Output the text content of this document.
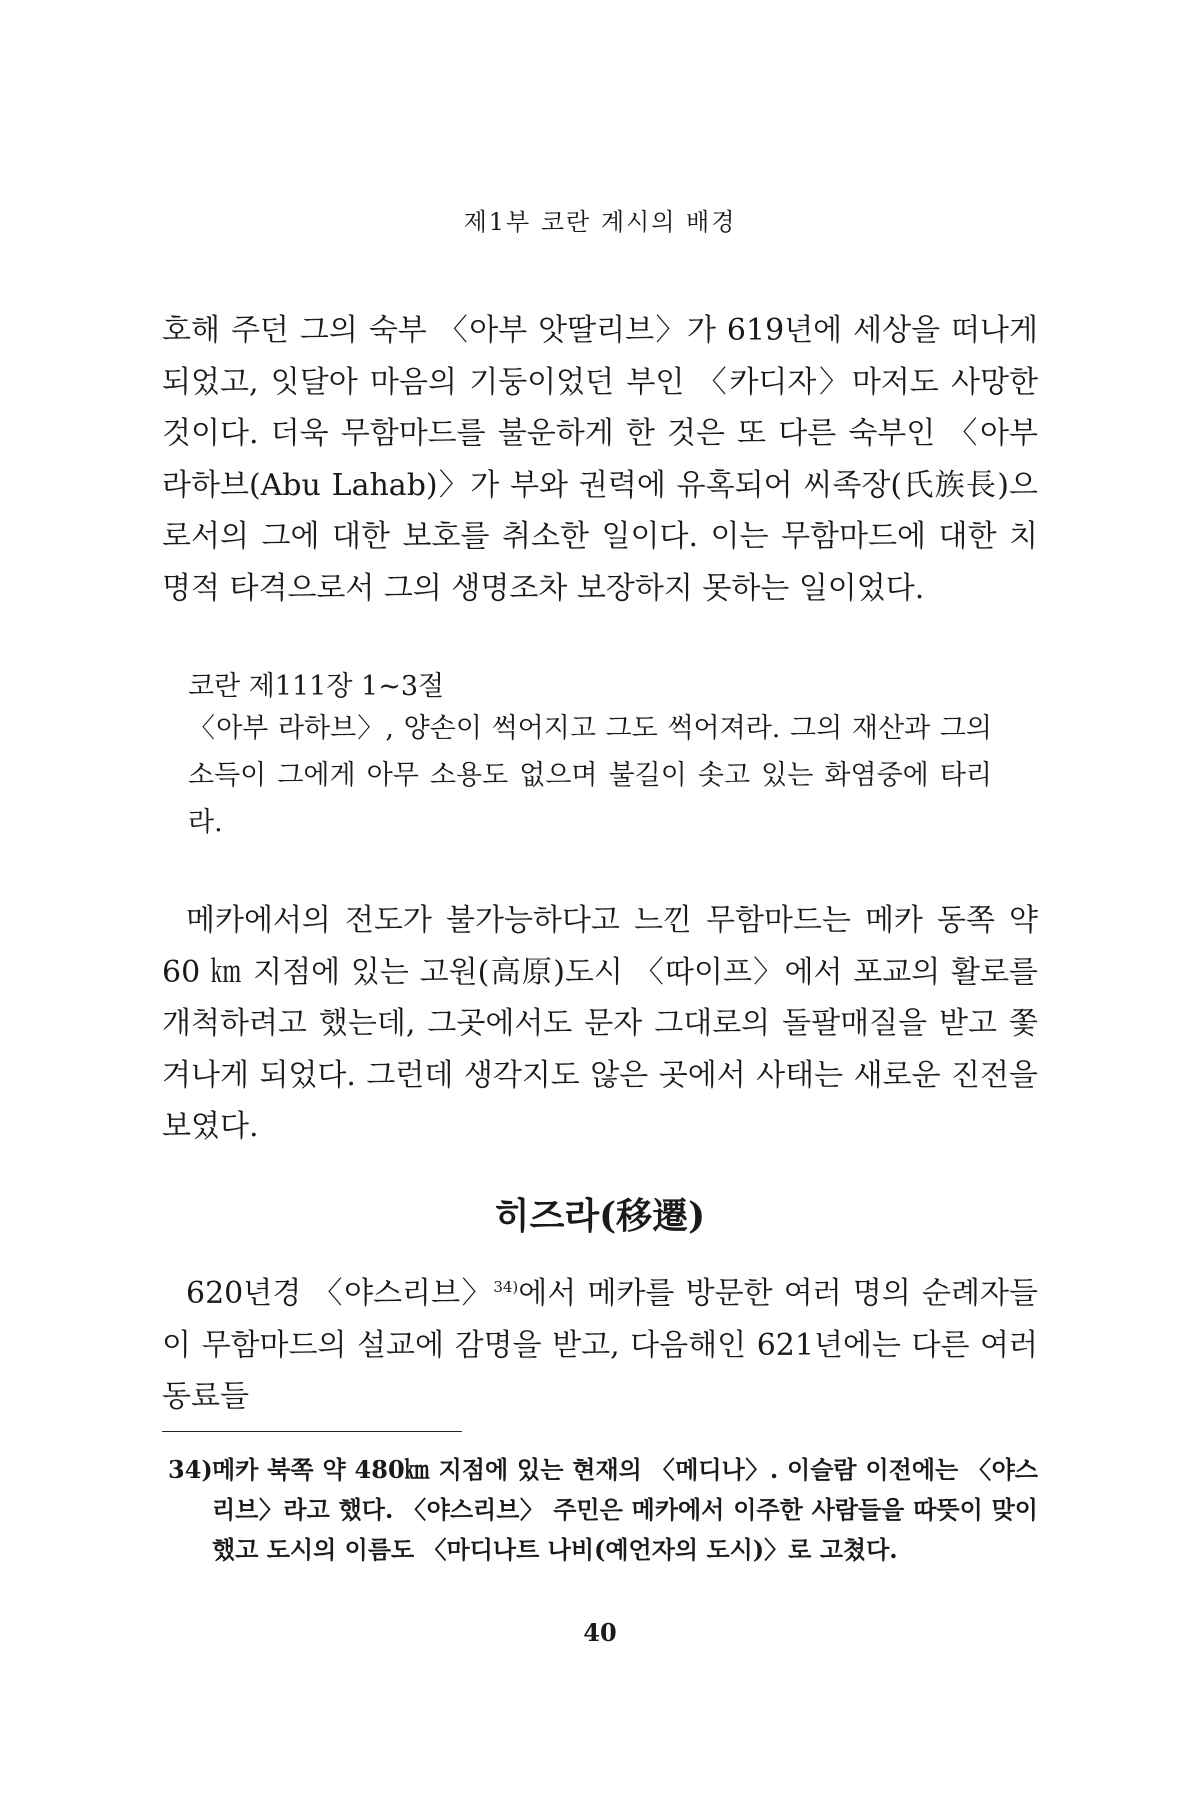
제1부 코란 계시의 배경

호해 주던 그의 숙부 〈아부 앗딸리브〉가 619년에 세상을 떠나게 되었고, 잇달아 마음의 기둥이었던 부인 〈카디자〉마저도 사망한 것이다. 더욱 무함마드를 불운하게 한 것은 또 다른 숙부인 〈아부 라하브(Abu Lahab)〉가 부와 권력에 유혹되어 씨족장(氏族長)으로서의 그에 대한 보호를 취소한 일이다. 이는 무함마드에 대한 치명적 타격으로서 그의 생명조차 보장하지 못하는 일이었다.

코란 제111장 1~3절

〈아부 라하브〉, 양손이 썩어지고 그도 썩어져라. 그의 재산과 그의 소득이 그에게 아무 소용도 없으며 불길이 솟고 있는 화염중에 타리라.

메카에서의 전도가 불가능하다고 느낀 무함마드는 메카 동쪽 약 60 ㎞ 지점에 있는 고원(高原)도시 〈따이프〉에서 포교의 활로를 개척하려고 했는데, 그곳에서도 문자 그대로의 돌팔매질을 받고 쫓겨나게 되었다. 그런데 생각지도 않은 곳에서 사태는 새로운 진전을 보였다.

히즈라(移遷)

620년경 〈야스리브〉$^{34)}$에서 메카를 방문한 여러 명의 순례자들이 무함마드의 설교에 감명을 받고, 다음해인 621년에는 다른 여러 동료들

34) 메카 북쪽 약 480㎞ 지점에 있는 현재의 〈메디나〉. 이슬람 이전에는 〈야스리브〉라고 했다. 〈야스리브〉 주민은 메카에서 이주한 사람들을 따뜻이 맞이했고 도시의 이름도 〈마디나트 나비(예언자의 도시)〉로 고쳤다.

40
